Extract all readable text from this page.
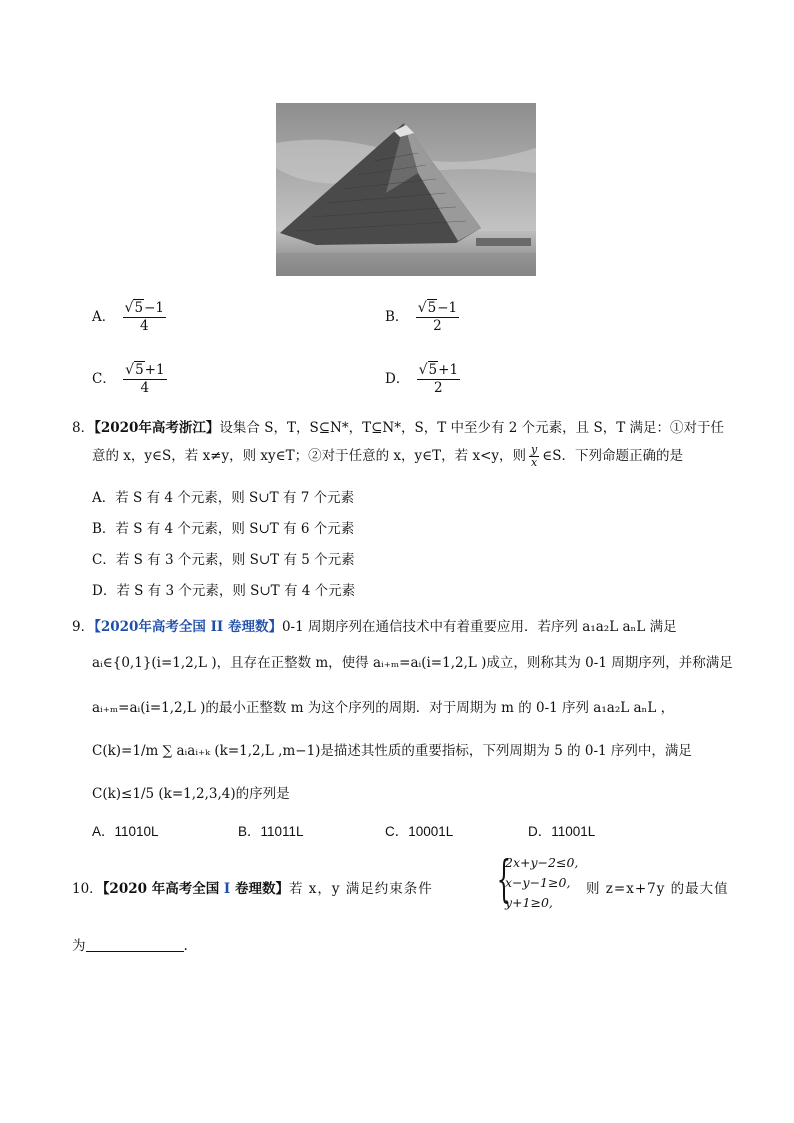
A． $\frac{√5-1}{4}$	B． $\frac{√5-1}{2}$
C． $\frac{√5+1}{4}$	D． $\frac{√5+1}{2}$
8．【2020年高考浙江】设集合 S，T，S⊆N*，T⊆N*，S，T 中至少有 2 个元素，且 S，T 满足：①对于任
意的 x，y∈S，若 x≠y，则 xy∈T；②对于任意的 x，y∈T，若 x<y，则 $\frac{y}{x}$ ∈S．下列命题正确的是
A．若 S 有 4 个元素，则 S∪T 有 7 个元素
B．若 S 有 4 个元素，则 S∪T 有 6 个元素
C．若 S 有 3 个元素，则 S∪T 有 5 个元素
D．若 S 有 3 个元素，则 S∪T 有 4 个元素
9．【2020年高考全国 II 卷理数】0-1 周期序列在通信技术中有着重要应用．若序列 a₁a₂L aₙL 满足
aᵢ∈{0,1}(i=1,2,L )，且存在正整数 m，使得 aᵢ₊ₘ=aᵢ(i=1,2,L )成立，则称其为 0-1 周期序列，并称满足
aᵢ₊ₘ=aᵢ(i=1,2,L )的最小正整数 m 为这个序列的周期．对于周期为 m 的 0-1 序列 a₁a₂L aₙL ，
C(k)=1/m ∑ aᵢaᵢ₊ₖ (k=1,2,L ,m−1)是描述其性质的重要指标，下列周期为 5 的 0-1 序列中，满足
C(k)≤1/5 (k=1,2,3,4)的序列是
A．11010L	B．11011L	C．10001L	D．11001L
10．【2020 年高考全国 I 卷理数】若 x，y 满足约束条件 {
2x+y−2≤0,
x−y−1≥0,
y+1≥0,
则 z=x+7y 的最大值
为	.
